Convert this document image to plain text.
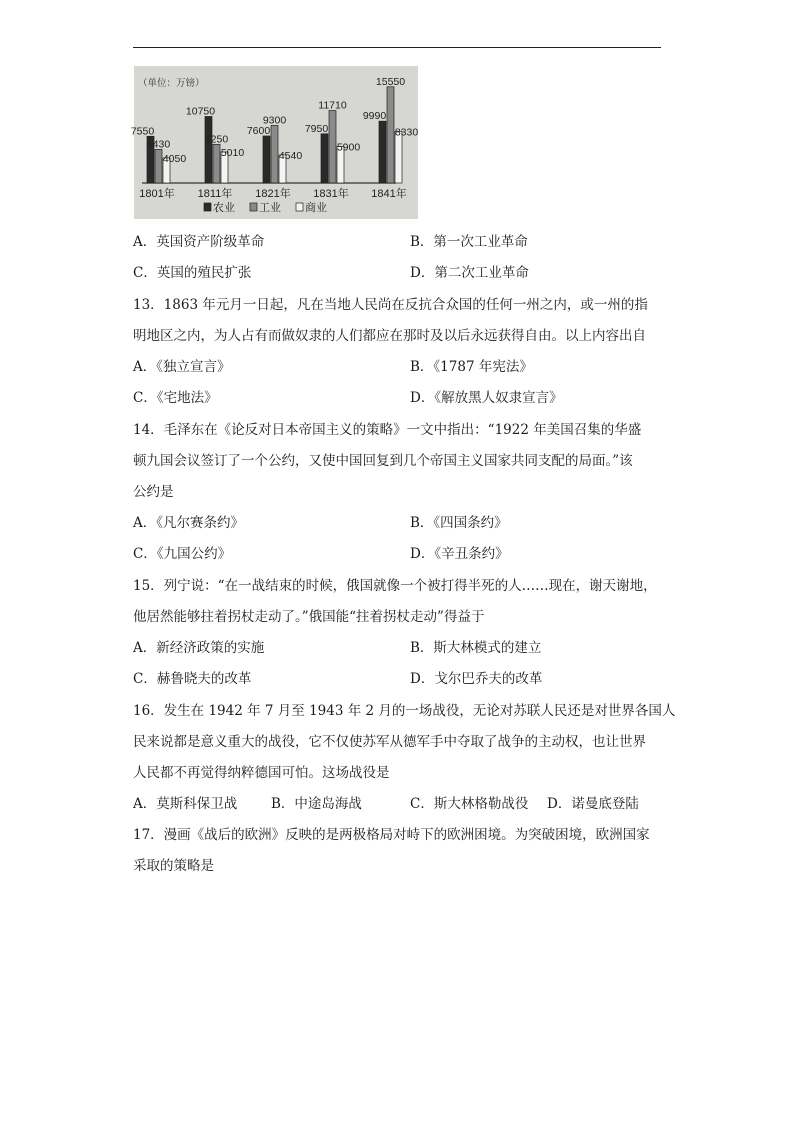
（单位：万镑）
7550
5430
4050
1801年
10750
6250
5010
1811年
7600
9300
4540
1821年
7950
11710
5900
1831年
9990
15550
8330
1841年
农业 工业 商业
A．英国资产阶级革命	B．第一次工业革命
C．英国的殖民扩张	D．第二次工业革命
13．1863 年元月一日起，凡在当地人民尚在反抗合众国的任何一州之内，或一州的指
明地区之内，为人占有而做奴隶的人们都应在那时及以后永远获得自由。以上内容出自
A．《独立宣言》	B．《1787 年宪法》
C．《宅地法》	D．《解放黑人奴隶宣言》
14．毛泽东在《论反对日本帝国主义的策略》一文中指出：“1922 年美国召集的华盛
顿九国会议签订了一个公约，又使中国回复到几个帝国主义国家共同支配的局面。”该
公约是
A．《凡尔赛条约》	B．《四国条约》
C．《九国公约》	D．《辛丑条约》
15．列宁说：“在一战结束的时候，俄国就像一个被打得半死的人……现在，谢天谢地，
他居然能够拄着拐杖走动了。”俄国能“拄着拐杖走动”得益于
A．新经济政策的实施	B．斯大林模式的建立
C．赫鲁晓夫的改革	D．戈尔巴乔夫的改革
16．发生在 1942 年 7 月至 1943 年 2 月的一场战役，无论对苏联人民还是对世界各国人
民来说都是意义重大的战役，它不仅使苏军从德军手中夺取了战争的主动权，也让世界
人民都不再觉得纳粹德国可怕。这场战役是
A．莫斯科保卫战	B．中途岛海战	C．斯大林格勒战役 D．诺曼底登陆
17．漫画《战后的欧洲》反映的是两极格局对峙下的欧洲困境。为突破困境，欧洲国家
采取的策略是
